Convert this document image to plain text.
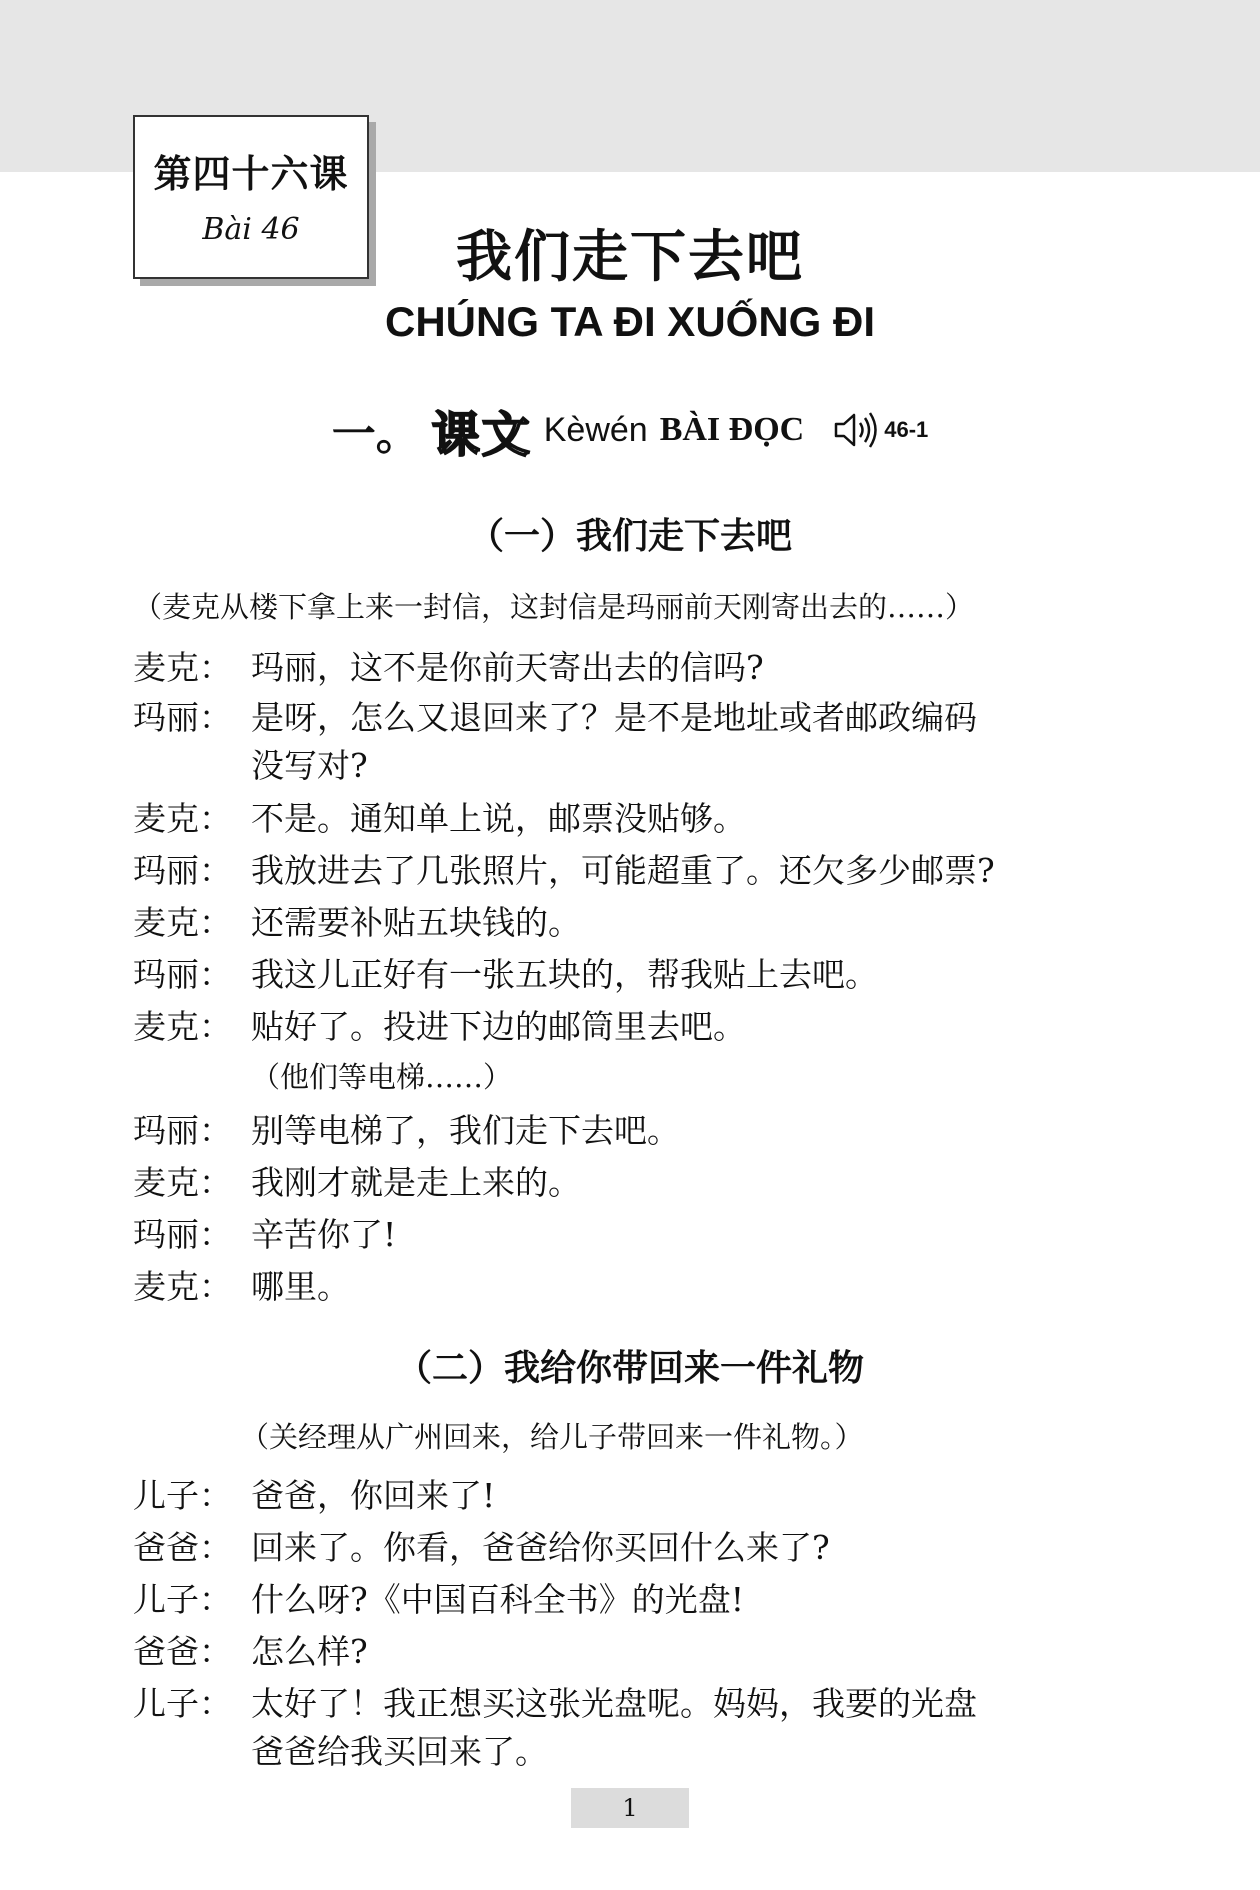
第四十六课
Bài 46	我们走下去吧
CHÚNG TA ĐI XUỐNG ĐI
一。 课文 Kèwén BÀI ĐỌC	46-1
（一）我们走下去吧
（麦克从楼下拿上来一封信，这封信是玛丽前天刚寄出去的……）
麦克： 玛丽，这不是你前天寄出去的信吗?
玛丽： 是呀，怎么又退回来了？是不是地址或者邮政编码
没写对?
麦克： 不是。通知单上说，邮票没贴够。
玛丽： 我放进去了几张照片，可能超重了。还欠多少邮票?
麦克： 还需要补贴五块钱的。
玛丽： 我这儿正好有一张五块的，帮我贴上去吧。
麦克： 贴好了。投进下边的邮筒里去吧。
（他们等电梯……）
玛丽： 别等电梯了，我们走下去吧。
麦克： 我刚才就是走上来的。
玛丽： 辛苦你了!
麦克： 哪里。
（二）我给你带回来一件礼物
（关经理从广州回来，给儿子带回来一件礼物。）
儿子： 爸爸，你回来了!
爸爸： 回来了。你看，爸爸给你买回什么来了?
儿子： 什么呀?《中国百科全书》的光盘!
爸爸： 怎么样?
儿子： 太好了！我正想买这张光盘呢。妈妈，我要的光盘
爸爸给我买回来了。
1
